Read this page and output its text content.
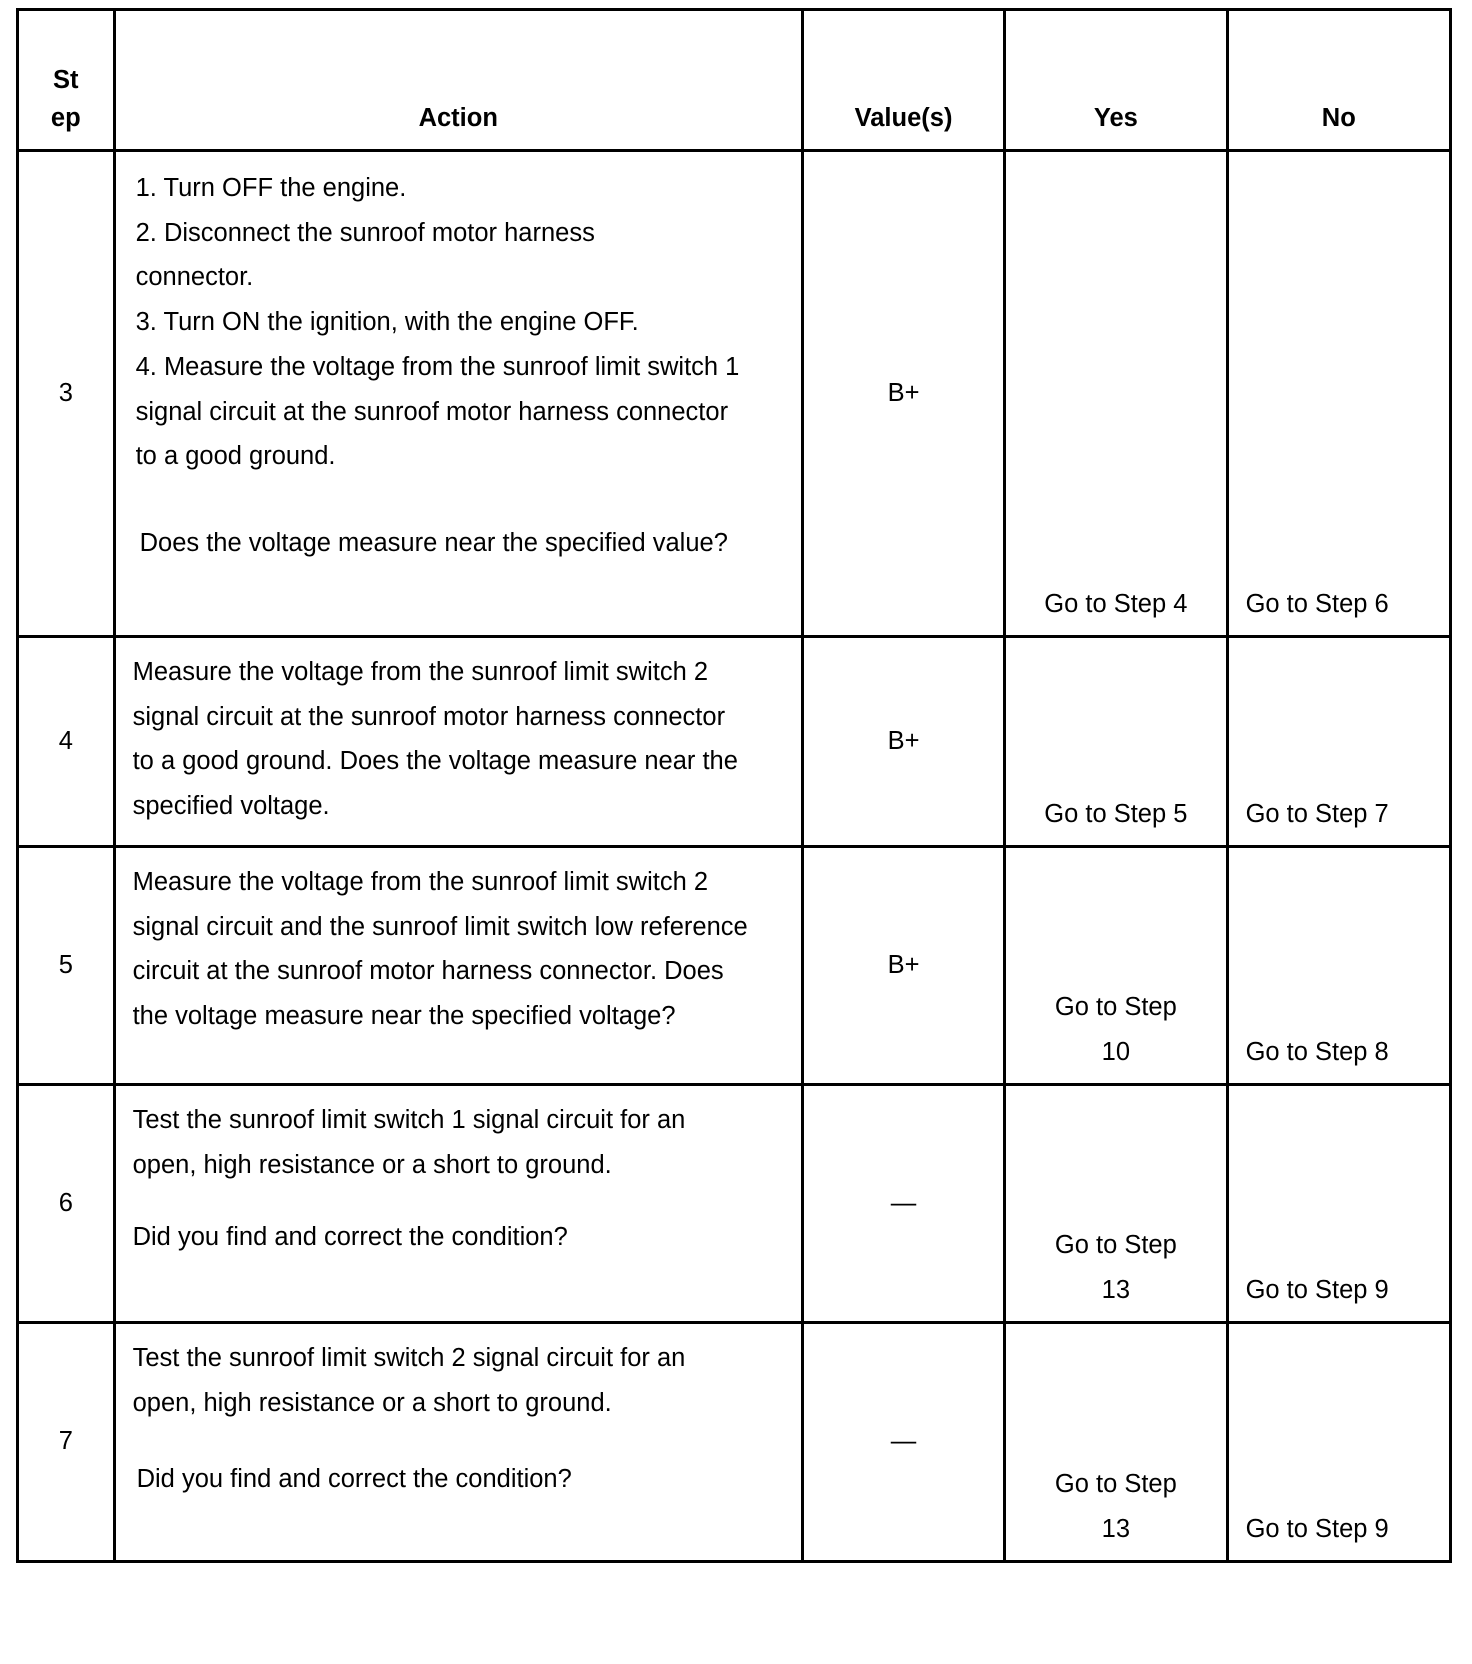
St ep	Action	Value(s)	Yes	No
3	1. Turn OFF the engine.
2. Disconnect the sunroof motor harness connector.
3. Turn ON the ignition, with the engine OFF.
4. Measure the voltage from the sunroof limit switch 1 signal circuit at the sunroof motor harness connector to a good ground.
Does the voltage measure near the specified value?	B+	Go to Step 4	Go to Step 6
4	Measure the voltage from the sunroof limit switch 2 signal circuit at the sunroof motor harness connector to a good ground. Does the voltage measure near the specified voltage.	B+	Go to Step 5	Go to Step 7
5	Measure the voltage from the sunroof limit switch 2 signal circuit and the sunroof limit switch low reference circuit at the sunroof motor harness connector. Does the voltage measure near the specified voltage?	B+	Go to Step 10	Go to Step 8
6	Test the sunroof limit switch 1 signal circuit for an open, high resistance or a short to ground.
Did you find and correct the condition?	—	Go to Step 13	Go to Step 9
7	Test the sunroof limit switch 2 signal circuit for an open, high resistance or a short to ground.
Did you find and correct the condition?	—	Go to Step 13	Go to Step 9
